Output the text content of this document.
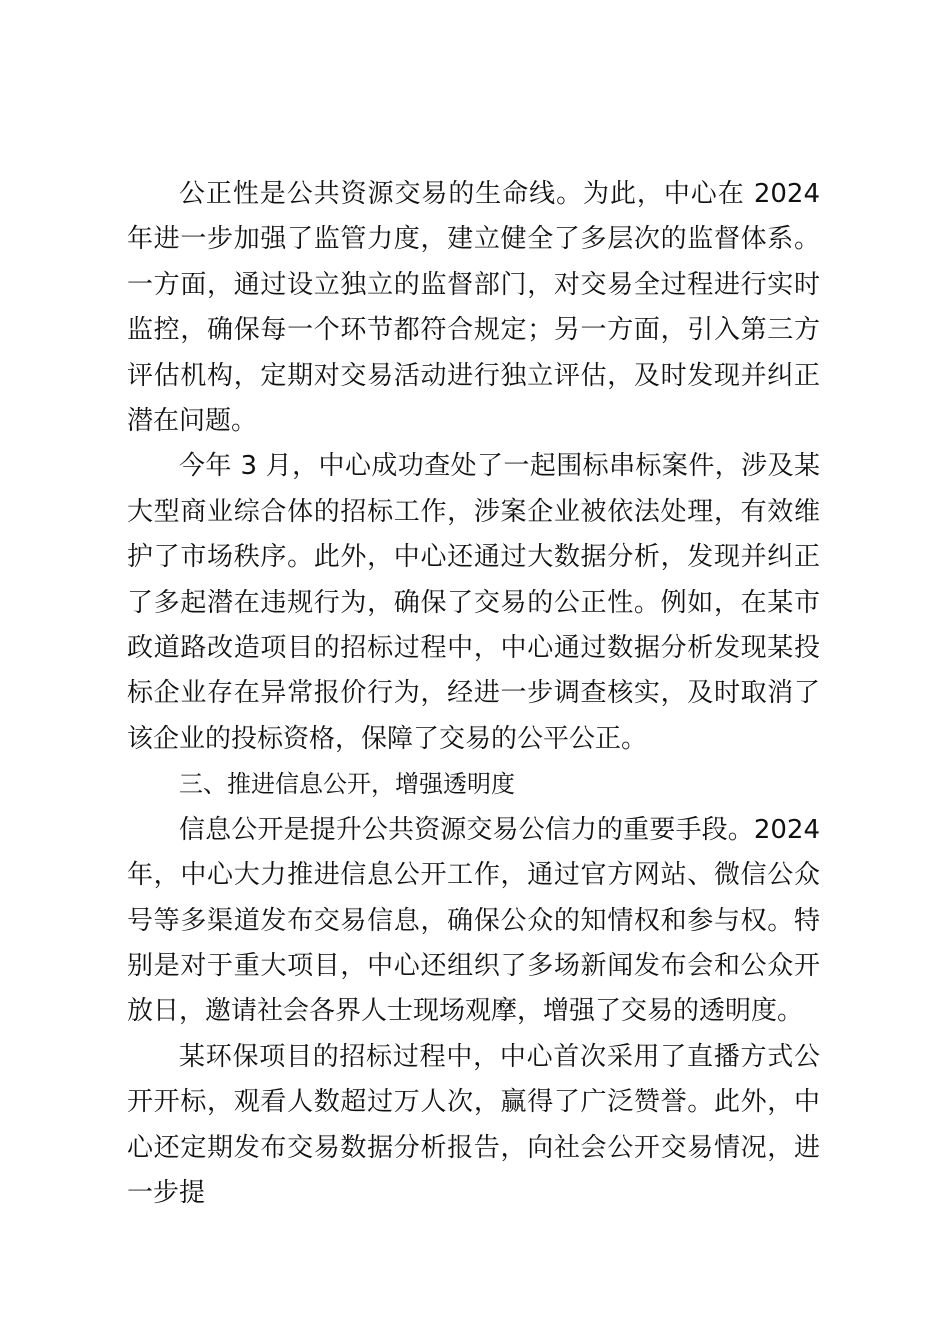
公正性是公共资源交易的生命线。为此，中心在 2024 年进一步加强了监管力度，建立健全了多层次的监督体系。一方面，通过设立独立的监督部门，对交易全过程进行实时监控，确保每一个环节都符合规定；另一方面，引入第三方评估机构，定期对交易活动进行独立评估，及时发现并纠正潜在问题。

今年 3 月，中心成功查处了一起围标串标案件，涉及某大型商业综合体的招标工作，涉案企业被依法处理，有效维护了市场秩序。此外，中心还通过大数据分析，发现并纠正了多起潜在违规行为，确保了交易的公正性。例如，在某市政道路改造项目的招标过程中，中心通过数据分析发现某投标企业存在异常报价行为，经进一步调查核实，及时取消了该企业的投标资格，保障了交易的公平公正。

三、推进信息公开，增强透明度

信息公开是提升公共资源交易公信力的重要手段。2024 年，中心大力推进信息公开工作，通过官方网站、微信公众号等多渠道发布交易信息，确保公众的知情权和参与权。特别是对于重大项目，中心还组织了多场新闻发布会和公众开放日，邀请社会各界人士现场观摩，增强了交易的透明度。

某环保项目的招标过程中，中心首次采用了直播方式公开开标，观看人数超过万人次，赢得了广泛赞誉。此外，中心还定期发布交易数据分析报告，向社会公开交易情况，进一步提
